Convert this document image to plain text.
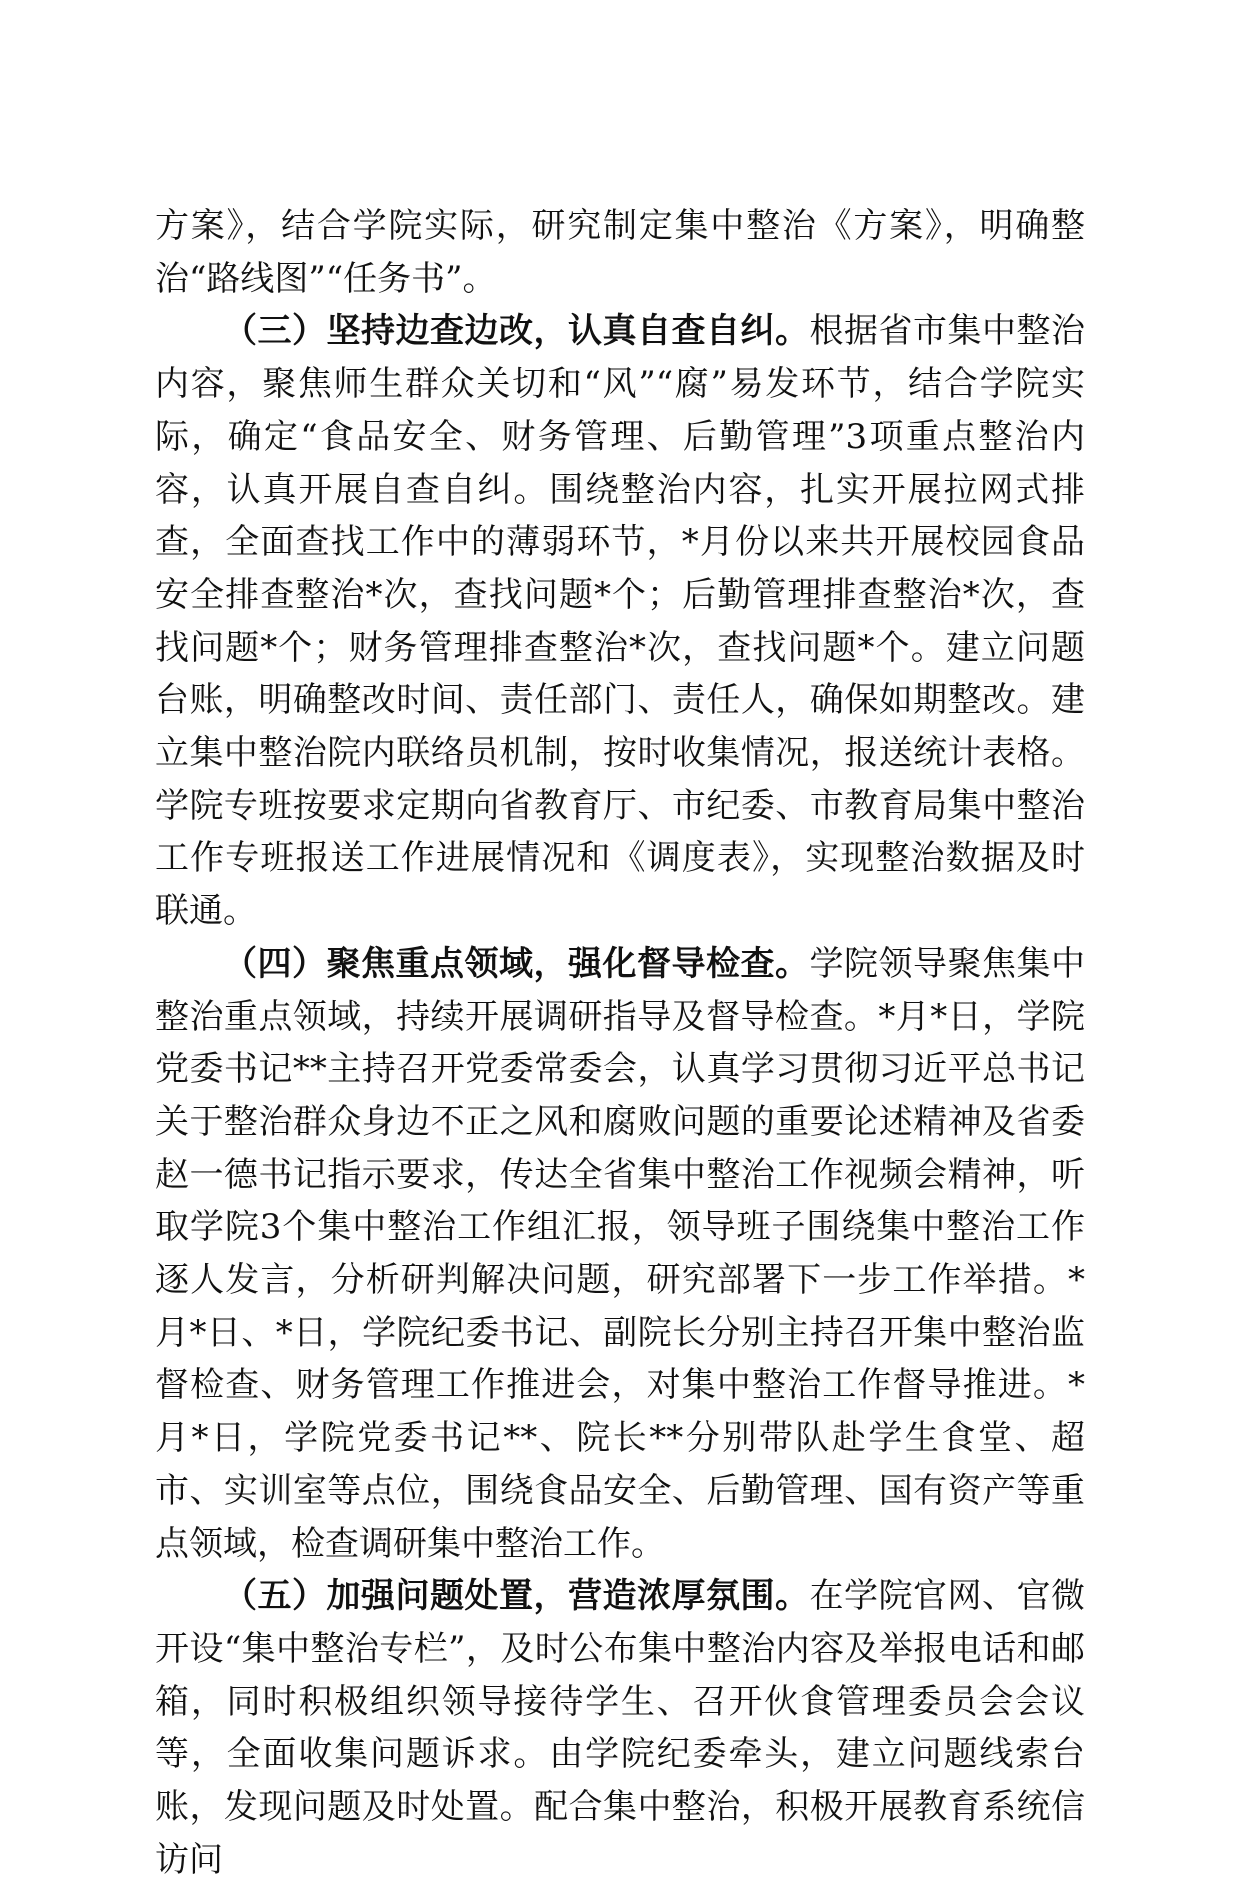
方案》，结合学院实际，研究制定集中整治《方案》，明确整治“路线图”“任务书”。

（三）坚持边查边改，认真自查自纠。根据省市集中整治内容，聚焦师生群众关切和“风”“腐”易发环节，结合学院实际，确定“食品安全、财务管理、后勤管理”3项重点整治内容，认真开展自查自纠。围绕整治内容，扎实开展拉网式排查，全面查找工作中的薄弱环节，*月份以来共开展校园食品安全排查整治*次，查找问题*个；后勤管理排查整治*次，查找问题*个；财务管理排查整治*次，查找问题*个。建立问题台账，明确整改时间、责任部门、责任人，确保如期整改。建立集中整治院内联络员机制，按时收集情况，报送统计表格。学院专班按要求定期向省教育厅、市纪委、市教育局集中整治工作专班报送工作进展情况和《调度表》，实现整治数据及时联通。

（四）聚焦重点领域，强化督导检查。学院领导聚焦集中整治重点领域，持续开展调研指导及督导检查。*月*日，学院党委书记**主持召开党委常委会，认真学习贯彻习近平总书记关于整治群众身边不正之风和腐败问题的重要论述精神及省委赵一德书记指示要求，传达全省集中整治工作视频会精神，听取学院3个集中整治工作组汇报，领导班子围绕集中整治工作逐人发言，分析研判解决问题，研究部署下一步工作举措。*月*日、*日，学院纪委书记、副院长分别主持召开集中整治监督检查、财务管理工作推进会，对集中整治工作督导推进。*月*日，学院党委书记**、院长**分别带队赴学生食堂、超市、实训室等点位，围绕食品安全、后勤管理、国有资产等重点领域，检查调研集中整治工作。

（五）加强问题处置，营造浓厚氛围。在学院官网、官微开设“集中整治专栏”，及时公布集中整治内容及举报电话和邮箱，同时积极组织领导接待学生、召开伙食管理委员会会议等，全面收集问题诉求。由学院纪委牵头，建立问题线索台账，发现问题及时处置。配合集中整治，积极开展教育系统信访问
